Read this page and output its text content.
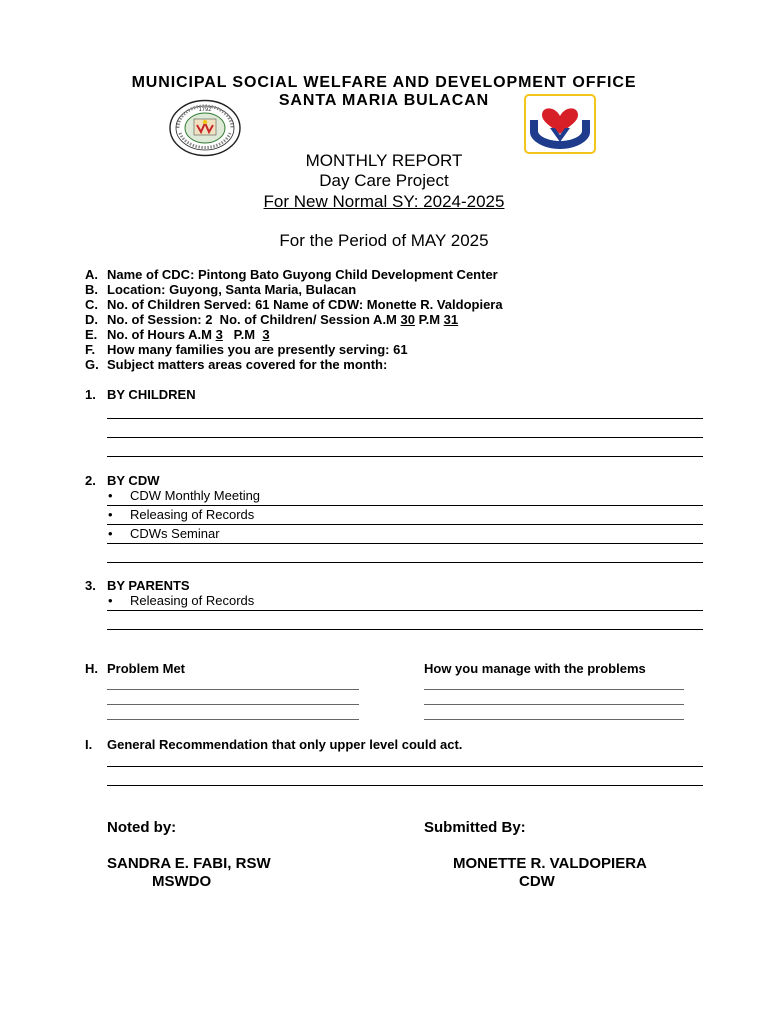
MUNICIPAL SOCIAL WELFARE AND DEVELOPMENT OFFICE
SANTA MARIA BULACAN
1792
MONTHLY REPORT
Day Care Project
For New Normal SY: 2024-2025
For the Period of MAY 2025
A. Name of CDC: Pintong Bato Guyong Child Development Center
B. Location: Guyong, Santa Maria, Bulacan
C. No. of Children Served: 61 Name of CDW: Monette R. Valdopiera
D. No. of Session: 2  No. of Children/ Session A.M 30 P.M 31
E. No. of Hours A.M 3   P.M  3
F. How many families you are presently serving: 61
G. Subject matters areas covered for the month:
1. BY CHILDREN
2. BY CDW
• CDW Monthly Meeting
• Releasing of Records
• CDWs Seminar
3. BY PARENTS
• Releasing of Records
H. Problem Met	How you manage with the problems
I. General Recommendation that only upper level could act.
Noted by:	Submitted By:
SANDRA E. FABI, RSW
MSWDO
MONETTE R. VALDOPIERA
CDW
